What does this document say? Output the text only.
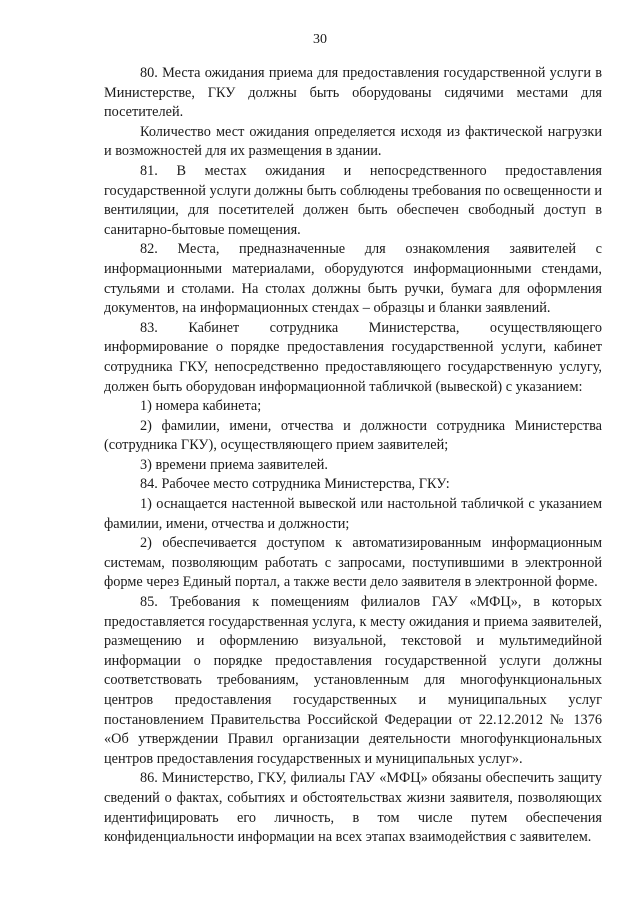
30

80. Места ожидания приема для предоставления государственной услуги в Министерстве, ГКУ должны быть оборудованы сидячими местами для посетителей.

Количество мест ожидания определяется исходя из фактической нагрузки и возможностей для их размещения в здании.

81. В местах ожидания и непосредственного предоставления государственной услуги должны быть соблюдены требования по освещенности и вентиляции, для посетителей должен быть обеспечен свободный доступ в санитарно-бытовые помещения.

82. Места, предназначенные для ознакомления заявителей с информационными материалами, оборудуются информационными стендами, стульями и столами. На столах должны быть ручки, бумага для оформления документов, на информационных стендах – образцы и бланки заявлений.

83. Кабинет сотрудника Министерства, осуществляющего информирование о порядке предоставления государственной услуги, кабинет сотрудника ГКУ, непосредственно предоставляющего государственную услугу, должен быть оборудован информационной табличкой (вывеской) с указанием:

1) номера кабинета;

2) фамилии, имени, отчества и должности сотрудника Министерства (сотрудника ГКУ), осуществляющего прием заявителей;

3) времени приема заявителей.

84. Рабочее место сотрудника Министерства, ГКУ:

1) оснащается настенной вывеской или настольной табличкой с указанием фамилии, имени, отчества и должности;

2) обеспечивается доступом к автоматизированным информационным системам, позволяющим работать с запросами, поступившими в электронной форме через Единый портал, а также вести дело заявителя в электронной форме.

85. Требования к помещениям филиалов ГАУ «МФЦ», в которых предоставляется государственная услуга, к месту ожидания и приема заявителей, размещению и оформлению визуальной, текстовой и мультимедийной информации о порядке предоставления государственной услуги должны соответствовать требованиям, установленным для многофункциональных центров предоставления государственных и муниципальных услуг постановлением Правительства Российской Федерации от 22.12.2012 № 1376 «Об утверждении Правил организации деятельности многофункциональных центров предоставления государственных и муниципальных услуг».

86. Министерство, ГКУ, филиалы ГАУ «МФЦ» обязаны обеспечить защиту сведений о фактах, событиях и обстоятельствах жизни заявителя, позволяющих идентифицировать его личность, в том числе путем обеспечения конфиденциальности информации на всех этапах взаимодействия с заявителем.
